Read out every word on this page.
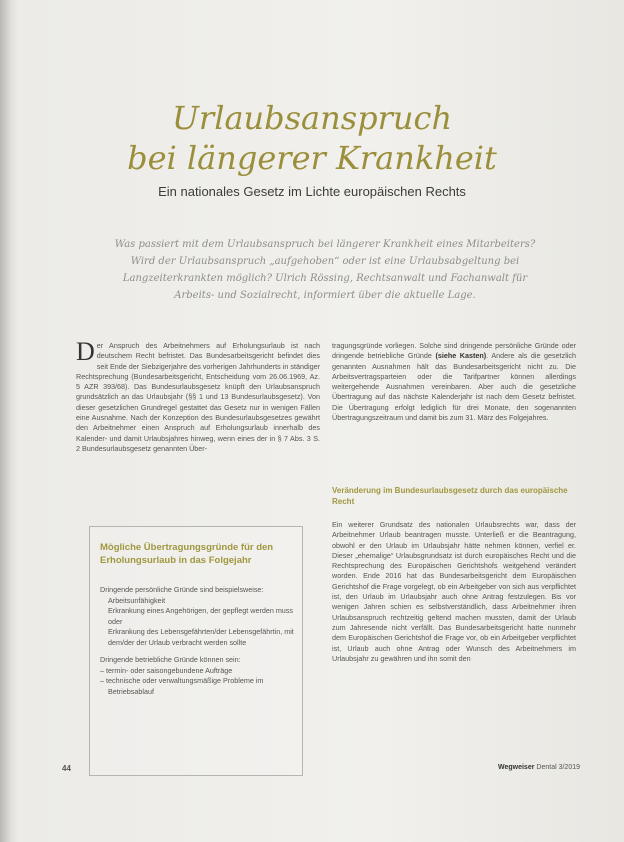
Urlaubsanspruch
bei längerer Krankheit
Ein nationales Gesetz im Lichte europäischen Rechts
Was passiert mit dem Urlaubsanspruch bei längerer Krankheit eines Mitarbeiters? Wird der Urlaubsanspruch „aufgehoben“ oder ist eine Urlaubsabgeltung bei Langzeiterkrankten möglich? Ulrich Rössing, Rechtsanwalt und Fachanwalt für Arbeits- und Sozialrecht, informiert über die aktuelle Lage.

Der Anspruch des Arbeitnehmers auf Erholungsurlaub ist nach deutschem Recht befristet. Das Bundesarbeitsgericht befindet dies seit Ende der Siebzigerjahre des vorherigen Jahrhunderts in ständiger Rechtsprechung (Bundesarbeitsgericht, Entscheidung vom 26.06.1969, Az. 5 AZR 393/68). Das Bundesurlaubsgesetz knüpft den Urlaubsanspruch grundsätzlich an das Urlaubsjahr (§§ 1 und 13 Bundesurlaubsgesetz). Von dieser gesetzlichen Grundregel gestattet das Gesetz nur in wenigen Fällen eine Ausnahme. Nach der Konzeption des Bundesurlaubsgesetzes gewährt den Arbeitnehmer einen Anspruch auf Erholungsurlaub innerhalb des Kalender- und damit Urlaubsjahres hinweg, wenn eines der in § 7 Abs. 3 S. 2 Bundesurlaubsgesetz genannten Über-

tragungsgründe vorliegen. Solche sind dringende persönliche Gründe oder dringende betriebliche Gründe (siehe Kasten). Andere als die gesetzlich genannten Ausnahmen hält das Bundesarbeitsgericht nicht zu. Die Arbeitsvertragsparteien oder die Tarifpartner können allerdings weitergehende Ausnahmen vereinbaren. Aber auch die gesetzliche Übertragung auf das nächste Kalenderjahr ist nach dem Gesetz befristet. Die Übertragung erfolgt lediglich für drei Monate, den sogenannten Übertragungszeitraum und damit bis zum 31. März des Folgejahres.

Veränderung im Bundesurlaubsgesetz durch das europäische Recht

Ein weiterer Grundsatz des nationalen Urlaubsrechts war, dass der Arbeitnehmer Urlaub beantragen musste. Unterließ er die Beantragung, obwohl er den Urlaub im Urlaubsjahr hätte nehmen können, verfiel er. Dieser „ehemalige“ Urlaubsgrundsatz ist durch europäisches Recht und die Rechtsprechung des Europäischen Gerichtshofs weitgehend verändert worden. Ende 2016 hat das Bundesarbeitsgericht dem Europäischen Gerichtshof die Frage vorgelegt, ob ein Arbeitgeber von sich aus verpflichtet ist, den Urlaub im Urlaubsjahr auch ohne Antrag festzulegen. Bis vor wenigen Jahren schien es selbstverständlich, dass Arbeitnehmer ihren Urlaubsanspruch rechtzeitig geltend machen mussten, damit der Urlaub zum Jahresende nicht verfällt. Das Bundesarbeitsgericht hatte nunmehr dem Europäischen Gerichtshof die Frage vor, ob ein Arbeitgeber verpflichtet ist, Urlaub auch ohne Antrag oder Wunsch des Arbeitnehmers im Urlaubsjahr zu gewähren und ihn somit den

Mögliche Übertragungsgründe für den Erholungsurlaub in das Folgejahr
Dringende persönliche Gründe sind beispielsweise:
Arbeitsunfähigkeit
Erkrankung eines Angehörigen, der gepflegt werden muss oder
Erkrankung des Lebensgefährten/der Lebensgefährtin, mit dem/der der Urlaub verbracht werden sollte
Dringende betriebliche Gründe können sein:
– termin- oder saisongebundene Aufträge
– technische oder verwaltungsmäßige Probleme im Betriebsablauf
44	Wegweiser Dental 3/2019
